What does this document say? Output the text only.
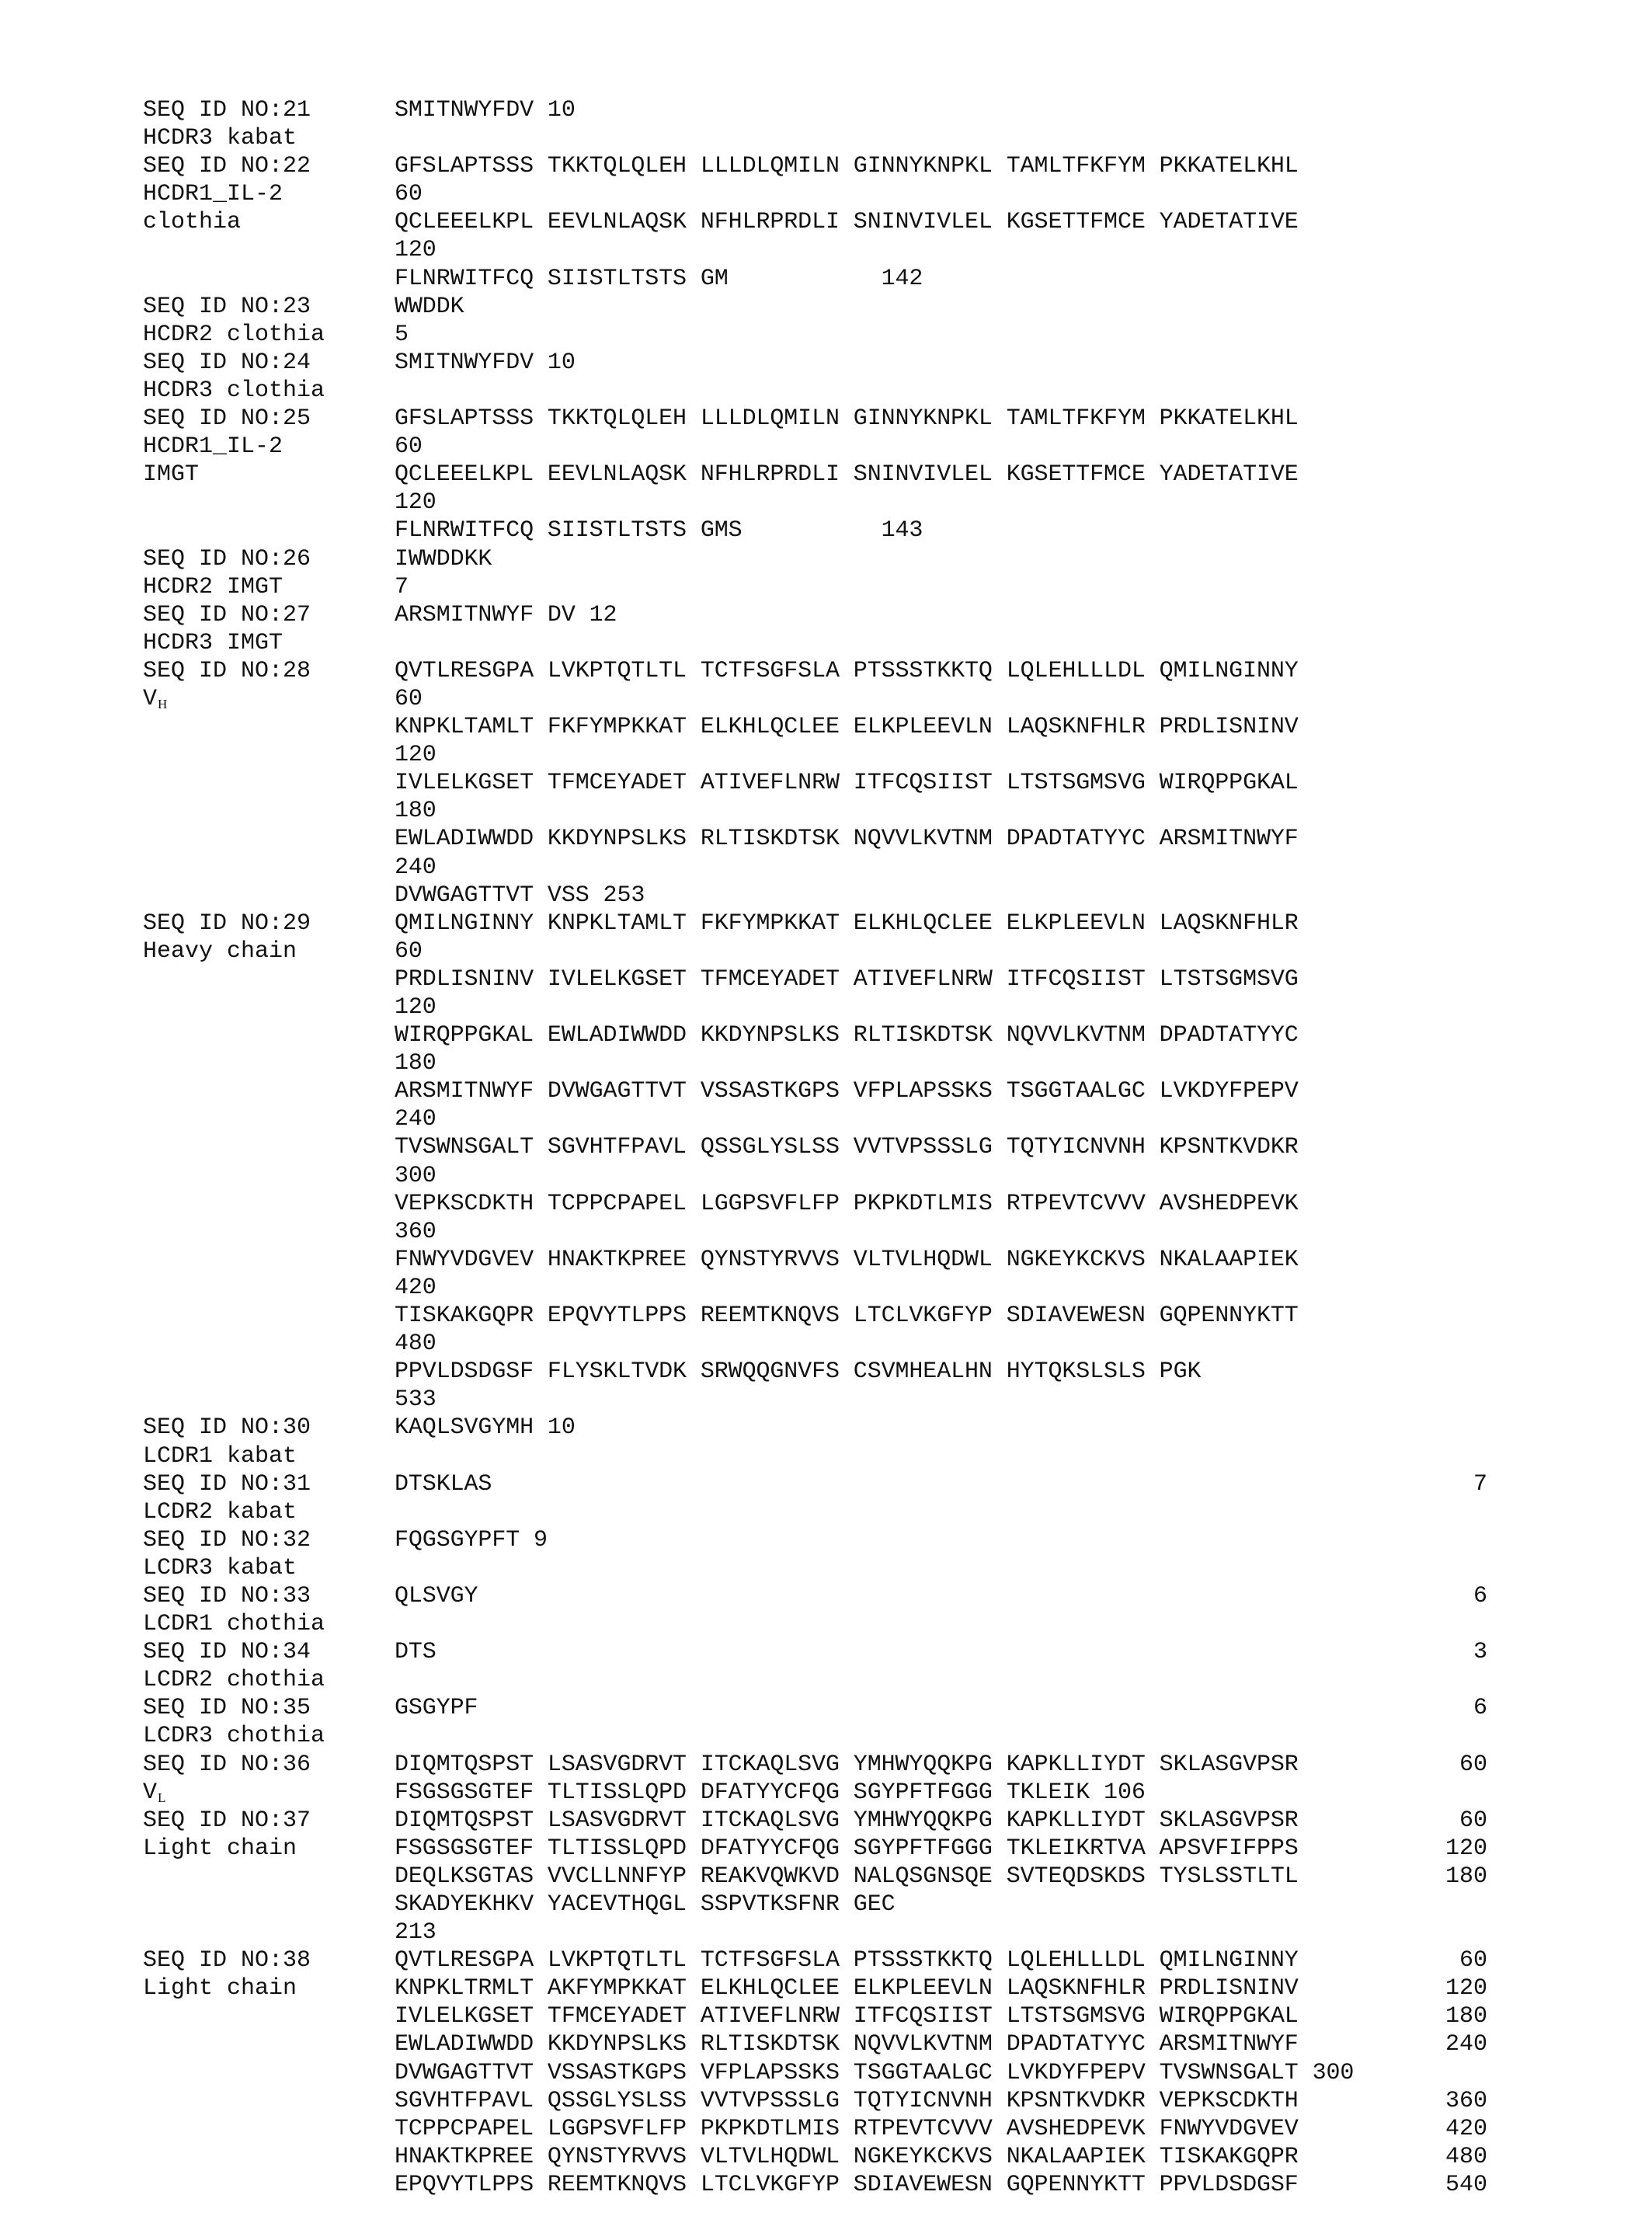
SEQ ID NO:21	SMITNWYFDV 10
HCDR3 kabat
SEQ ID NO:22	GFSLAPTSSS TKKTQLQLEH LLLDLQMILN GINNYKNPKL TAMLTFKFYM PKKATELKHL
HCDR1_IL-2	60
clothia	QCLEEELKPL EEVLNLAQSK NFHLRPRDLI SNINVIVLEL KGSETTFMCE YADETATIVE
120
FLNRWITFCQ SIISTLTSTS GM           142
SEQ ID NO:23	WWDDK
HCDR2 clothia	5
SEQ ID NO:24	SMITNWYFDV 10
HCDR3 clothia
SEQ ID NO:25	GFSLAPTSSS TKKTQLQLEH LLLDLQMILN GINNYKNPKL TAMLTFKFYM PKKATELKHL
HCDR1_IL-2	60
IMGT	QCLEEELKPL EEVLNLAQSK NFHLRPRDLI SNINVIVLEL KGSETTFMCE YADETATIVE
120
FLNRWITFCQ SIISTLTSTS GMS          143
SEQ ID NO:26	IWWDDKK
HCDR2 IMGT	7
SEQ ID NO:27	ARSMITNWYF DV 12
HCDR3 IMGT
SEQ ID NO:28	QVTLRESGPA LVKPTQTLTL TCTFSGFSLA PTSSSTKKTQ LQLEHLLLDL QMILNGINNY
$V_H$	60
KNPKLTAMLT FKFYMPKKAT ELKHLQCLEE ELKPLEEVLN LAQSKNFHLR PRDLISNINV
120
IVLELKGSET TFMCEYADET ATIVEFLNRW ITFCQSIIST LTSTSGMSVG WIRQPPGKAL
180
EWLADIWWDD KKDYNPSLKS RLTISKDTSK NQVVLKVTNM DPADTATYYC ARSMITNWYF
240
DVWGAGTTVT VSS 253
SEQ ID NO:29	QMILNGINNY KNPKLTAMLT FKFYMPKKAT ELKHLQCLEE ELKPLEEVLN LAQSKNFHLR
Heavy chain	60
PRDLISNINV IVLELKGSET TFMCEYADET ATIVEFLNRW ITFCQSIIST LTSTSGMSVG
120
WIRQPPGKAL EWLADIWWDD KKDYNPSLKS RLTISKDTSK NQVVLKVTNM DPADTATYYC
180
ARSMITNWYF DVWGAGTTVT VSSASTKGPS VFPLAPSSKS TSGGTAALGC LVKDYFPEPV
240
TVSWNSGALT SGVHTFPAVL QSSGLYSLSS VVTVPSSSLG TQTYICNVNH KPSNTKVDKR
300
VEPKSCDKTH TCPPCPAPEL LGGPSVFLFP PKPKDTLMIS RTPEVTCVVV AVSHEDPEVK
360
FNWYVDGVEV HNAKTKPREE QYNSTYRVVS VLTVLHQDWL NGKEYKCKVS NKALAAPIEK
420
TISKAKGQPR EPQVYTLPPS REEMTKNQVS LTCLVKGFYP SDIAVEWESN GQPENNYKTT
480
PPVLDSDGSF FLYSKLTVDK SRWQQGNVFS CSVMHEALHN HYTQKSLSLS PGK
533
SEQ ID NO:30	KAQLSVGYMH 10
LCDR1 kabat
SEQ ID NO:31	DTSKLAS	7
LCDR2 kabat
SEQ ID NO:32	FQGSGYPFT 9
LCDR3 kabat
SEQ ID NO:33	QLSVGY	6
LCDR1 chothia
SEQ ID NO:34	DTS	3
LCDR2 chothia
SEQ ID NO:35	GSGYPF	6
LCDR3 chothia
SEQ ID NO:36	DIQMTQSPST LSASVGDRVT ITCKAQLSVG YMHWYQQKPG KAPKLLIYDT SKLASGVPSR	60
$V_L$	FSGSGSGTEF TLTISSLQPD DFATYYCFQG SGYPFTFGGG TKLEIK 106
SEQ ID NO:37	DIQMTQSPST LSASVGDRVT ITCKAQLSVG YMHWYQQKPG KAPKLLIYDT SKLASGVPSR	60
Light chain	FSGSGSGTEF TLTISSLQPD DFATYYCFQG SGYPFTFGGG TKLEIKRTVA APSVFIFPPS	120
DEQLKSGTAS VVCLLNNFYP REAKVQWKVD NALQSGNSQE SVTEQDSKDS TYSLSSTLTL	180
SKADYEKHKV YACEVTHQGL SSPVTKSFNR GEC
213
SEQ ID NO:38	QVTLRESGPA LVKPTQTLTL TCTFSGFSLA PTSSSTKKTQ LQLEHLLLDL QMILNGINNY	60
Light chain	KNPKLTRMLT AKFYMPKKAT ELKHLQCLEE ELKPLEEVLN LAQSKNFHLR PRDLISNINV	120
IVLELKGSET TFMCEYADET ATIVEFLNRW ITFCQSIIST LTSTSGMSVG WIRQPPGKAL	180
EWLADIWWDD KKDYNPSLKS RLTISKDTSK NQVVLKVTNM DPADTATYYC ARSMITNWYF	240
DVWGAGTTVT VSSASTKGPS VFPLAPSSKS TSGGTAALGC LVKDYFPEPV TVSWNSGALT 300
SGVHTFPAVL QSSGLYSLSS VVTVPSSSLG TQTYICNVNH KPSNTKVDKR VEPKSCDKTH	360
TCPPCPAPEL LGGPSVFLFP PKPKDTLMIS RTPEVTCVVV AVSHEDPEVK FNWYVDGVEV	420
HNAKTKPREE QYNSTYRVVS VLTVLHQDWL NGKEYKCKVS NKALAAPIEK TISKAKGQPR	480
EPQVYTLPPS REEMTKNQVS LTCLVKGFYP SDIAVEWESN GQPENNYKTT PPVLDSDGSF	540
